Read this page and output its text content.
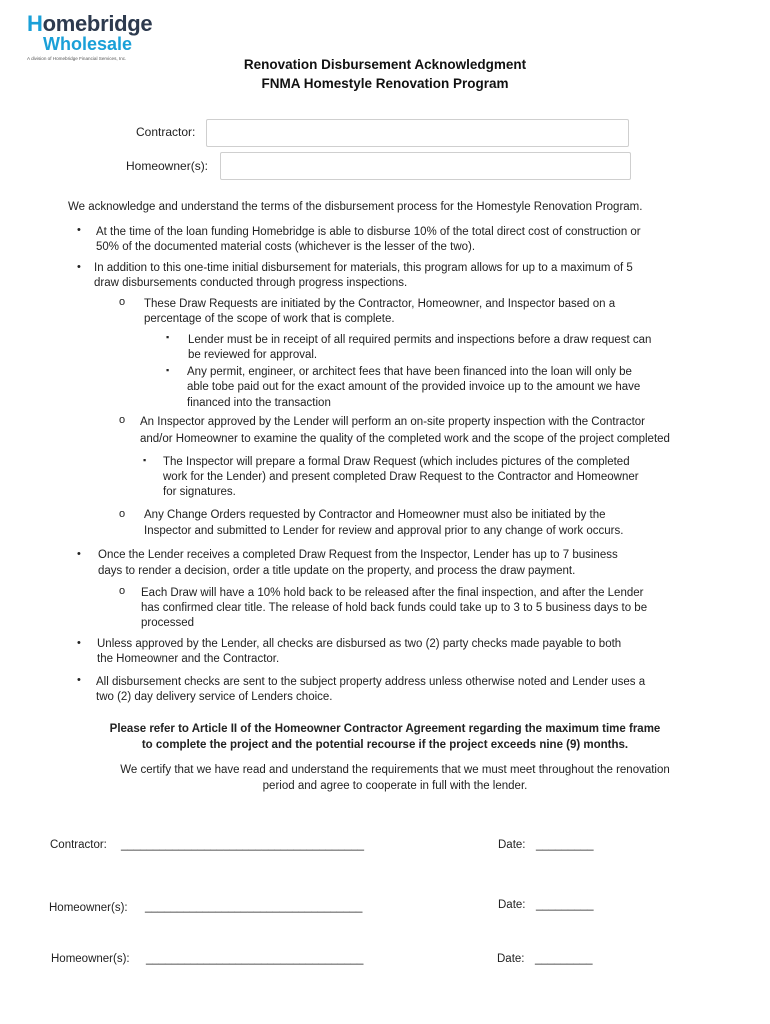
Homebridge
Wholesale
A division of Homebridge Financial Services, Inc.	Renovation Disbursement Acknowledgment
FNMA Homestyle Renovation Program
Contractor:
Homeowner(s):
We acknowledge and understand the terms of the disbursement process for the Homestyle Renovation Program.
• At the time of the loan funding Homebridge is able to disburse 10% of the total direct cost of construction or
50% of the documented material costs (whichever is the lesser of the two).
• In addition to this one-time initial disbursement for materials, this program allows for up to a maximum of 5
draw disbursements conducted through progress inspections.
o These Draw Requests are initiated by the Contractor, Homeowner, and Inspector based on a
percentage of the scope of work that is complete.
▪ Lender must be in receipt of all required permits and inspections before a draw request can
be reviewed for approval.
▪ Any permit, engineer, or architect fees that have been financed into the loan will only be
able tobe paid out for the exact amount of the provided invoice up to the amount we have
financed into the transaction
o An Inspector approved by the Lender will perform an on-site property inspection with the Contractor
and/or Homeowner to examine the quality of the completed work and the scope of the project completed
▪ The Inspector will prepare a formal Draw Request (which includes pictures of the completed
work for the Lender) and present completed Draw Request to the Contractor and Homeowner
for signatures.
o Any Change Orders requested by Contractor and Homeowner must also be initiated by the
Inspector and submitted to Lender for review and approval prior to any change of work occurs.
• Once the Lender receives a completed Draw Request from the Inspector, Lender has up to 7 business
days to render a decision, order a title update on the property, and process the draw payment.
o Each Draw will have a 10% hold back to be released after the final inspection, and after the Lender
has confirmed clear title. The release of hold back funds could take up to 3 to 5 business days to be
processed
• Unless approved by the Lender, all checks are disbursed as two (2) party checks made payable to both
the Homeowner and the Contractor.
• All disbursement checks are sent to the subject property address unless otherwise noted and Lender uses a
two (2) day delivery service of Lenders choice.
Please refer to Article II of the Homeowner Contractor Agreement regarding the maximum time frame
to complete the project and the potential recourse if the project exceeds nine (9) months.
We certify that we have read and understand the requirements that we must meet throughout the renovation
period and agree to cooperate in full with the lender.
Contractor: ______________________________________	Date: _________
Homeowner(s): __________________________________	Date: _________
Homeowner(s): __________________________________	Date: _________
